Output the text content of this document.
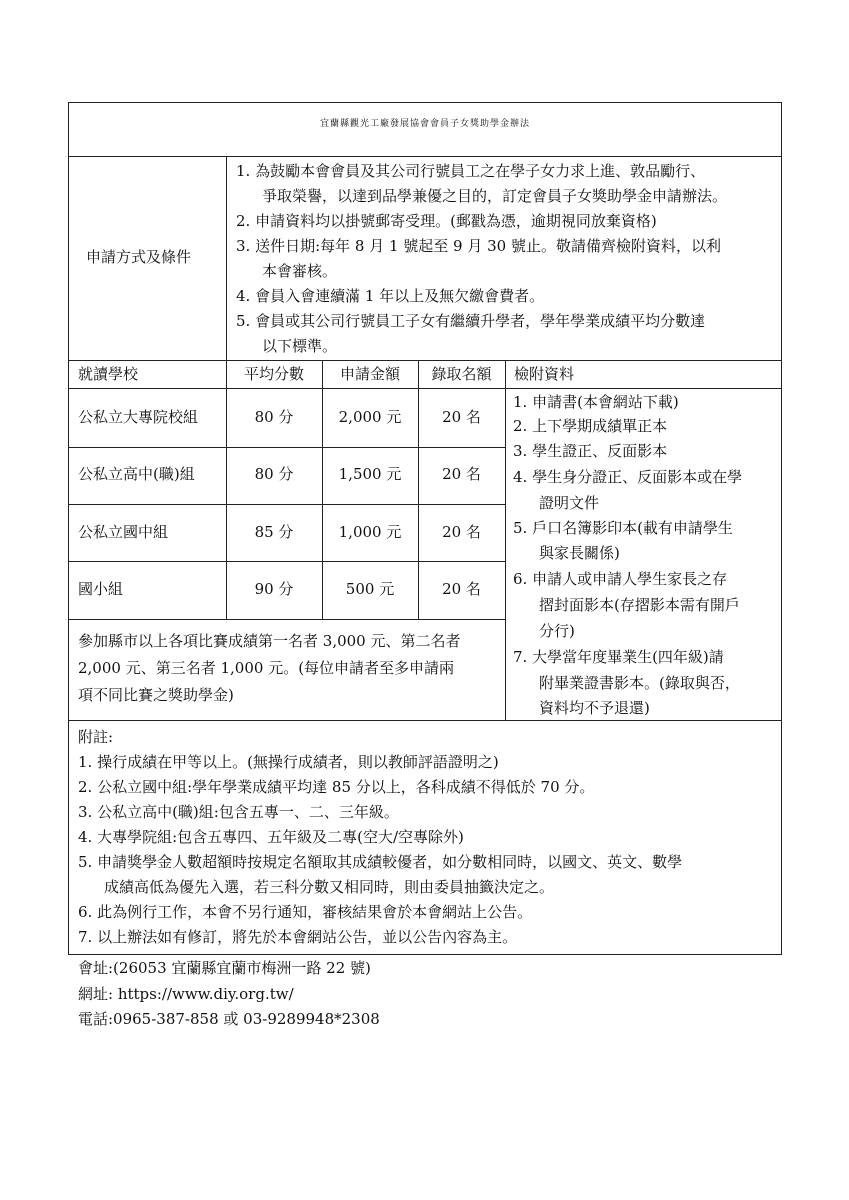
宜蘭縣觀光工廠發展協會會員子女獎助學金辦法
申請方式及條件
1. 為鼓勵本會會員及其公司行號員工之在學子女力求上進、敦品勵行、
爭取榮譽，以達到品學兼優之目的，訂定會員子女獎助學金申請辦法。
2. 申請資料均以掛號郵寄受理。(郵戳為憑，逾期視同放棄資格)
3. 送件日期:每年 8 月 1 號起至 9 月 30 號止。敬請備齊檢附資料，以利
本會審核。
4. 會員入會連續滿 1 年以上及無欠繳會費者。
5. 會員或其公司行號員工子女有繼續升學者，學年學業成績平均分數達
以下標準。
就讀學校	平均分數	申請金額	錄取名額	檢附資料
公私立大專院校組	80 分	2,000 元	20 名
公私立高中(職)組	80 分	1,500 元	20 名
公私立國中組	85 分	1,000 元	20 名
國小組	90 分	500 元	20 名
參加縣市以上各項比賽成績第一名者 3,000 元、第二名者
2,000 元、第三名者 1,000 元。(每位申請者至多申請兩
項不同比賽之獎助學金)
1. 申請書(本會網站下載)
2. 上下學期成績單正本
3. 學生證正、反面影本
4. 學生身分證正、反面影本或在學
證明文件
5. 戶口名簿影印本(載有申請學生
與家長關係)
6. 申請人或申請人學生家長之存
摺封面影本(存摺影本需有開戶
分行)
7. 大學當年度畢業生(四年級)請
附畢業證書影本。(錄取與否，
資料均不予退還)
附註:
1. 操行成績在甲等以上。(無操行成績者，則以教師評語證明之)
2. 公私立國中組:學年學業成績平均達 85 分以上，各科成績不得低於 70 分。
3. 公私立高中(職)組:包含五專一、二、三年級。
4. 大專學院組:包含五專四、五年級及二專(空大/空專除外)
5. 申請獎學金人數超額時按規定名額取其成績較優者，如分數相同時，以國文、英文、數學
成績高低為優先入選，若三科分數又相同時，則由委員抽籤決定之。
6. 此為例行工作，本會不另行通知，審核結果會於本會網站上公告。
7. 以上辦法如有修訂，將先於本會網站公告，並以公告內容為主。
會址:(26053 宜蘭縣宜蘭市梅洲一路 22 號)
網址: https://www.diy.org.tw/
電話:0965-387-858 或 03-9289948*2308
